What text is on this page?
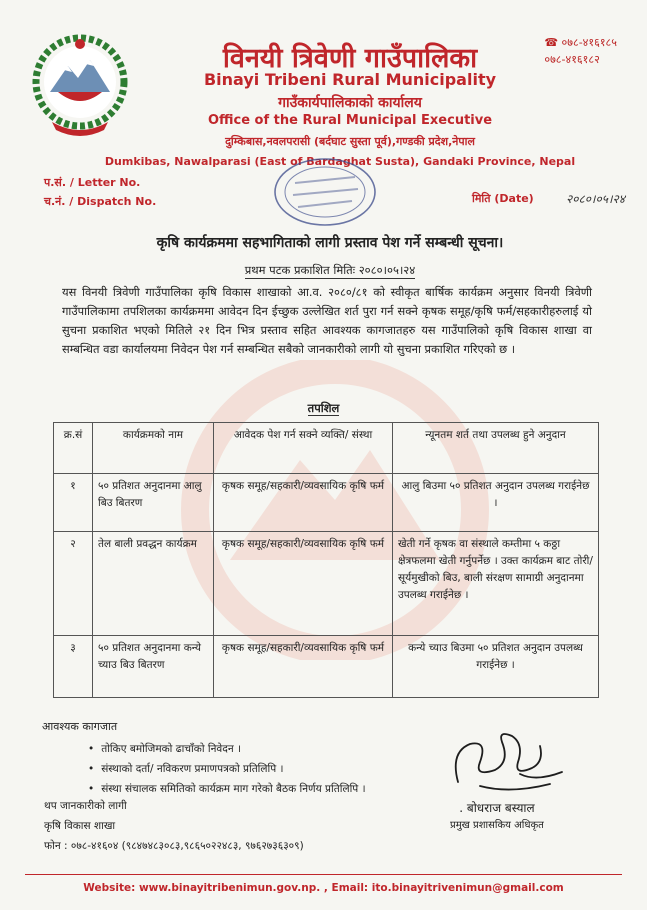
☎ ०७८-४१६१८५
०७८-४१६१८२
विनयी त्रिवेणी गाउँपालिका
Binayi Tribeni Rural Municipality
गाउँकार्यपालिकाको कार्यालय
Office of the Rural Municipal Executive
दुम्किबास,नवलपरासी (बर्दघाट सुस्ता पूर्व),गण्डकी प्रदेश,नेपाल
Dumkibas, Nawalparasi (East of Bardaghat Susta), Gandaki Province, Nepal
प.सं. / Letter No.
च.नं. / Dispatch No.	मिति (Date)	२०८०।०५।२४
कृषि कार्यक्रममा सहभागिताको लागी प्रस्ताव पेश गर्ने सम्बन्धी सूचना।
प्रथम पटक प्रकाशित मितिः २०८०।०५।२४
यस विनयी त्रिवेणी गाउँपालिका कृषि विकास शाखाको आ.व. २०८०/८१ को स्वीकृत बार्षिक कार्यक्रम अनुसार विनयी त्रिवेणी गाउँपालिकामा तपशिलका कार्यक्रममा आवेदन दिन ईच्छुक उल्लेखित शर्त पुरा गर्न सक्ने कृषक समूह/कृषि फर्म/सहकारीहरुलाई यो सुचना प्रकाशित भएको मितिले २१ दिन भित्र प्रस्ताव सहित आवश्यक कागजातहरु यस गाउँपालिको कृषि विकास शाखा वा सम्बन्धित वडा कार्यालयमा निवेदन पेश गर्न सम्बन्धित सबैको जानकारीको लागी यो सुचना प्रकाशित गरिएको छ ।
तपशिल
क्र.सं	कार्यक्रमको नाम	आवेदक पेश गर्न सक्ने व्यक्ति/ संस्था	न्यूनतम शर्त तथा उपलब्ध हुने अनुदान
१	५० प्रतिशत अनुदानमा आलु बिउ बितरण	कृषक समूह/सहकारी/व्यवसायिक कृषि फर्म	आलु बिउमा ५० प्रतिशत अनुदान उपलब्ध गराईनेछ ।
२	तेल बाली प्रवद्धन कार्यक्रम	कृषक समूह/सहकारी/व्यवसायिक कृषि फर्म	खेती गर्ने कृषक वा संस्थाले कम्तीमा ५ कठ्ठा क्षेत्रफलमा खेती गर्नुपर्नेछ । उक्त कार्यक्रम बाट तोरी/ सूर्यमुखीको बिउ, बाली संरक्षण सामाग्री अनुदानमा उपलब्ध गराईनेछ ।
३	५० प्रतिशत अनुदानमा कन्ये च्याउ बिउ बितरण	कृषक समूह/सहकारी/व्यवसायिक कृषि फर्म	कन्ये च्याउ बिउमा ५० प्रतिशत अनुदान उपलब्ध गराईनेछ ।
आवश्यक कागजात
• तोकिए बमोजिमको ढाचाँको निवेदन ।
• संस्थाको दर्ता/ नविकरण प्रमाणपत्रको प्रतिलिपि ।
• संस्था संचालक समितिको कार्यक्रम माग गरेको बैठक निर्णय प्रतिलिपि ।
थप जानकारीको लागी
कृषि विकास शाखा
फोन : ०७८-४१६०४ (९८४७४८३०८३,९८६५०२२४८३, ९७६२७३६३०९)
. बोधराज बस्याल
प्रमुख प्रशासकिय अधिकृत
Website: www.binayitribenimun.gov.np. , Email: ito.binayitrivenimun@gmail.com
